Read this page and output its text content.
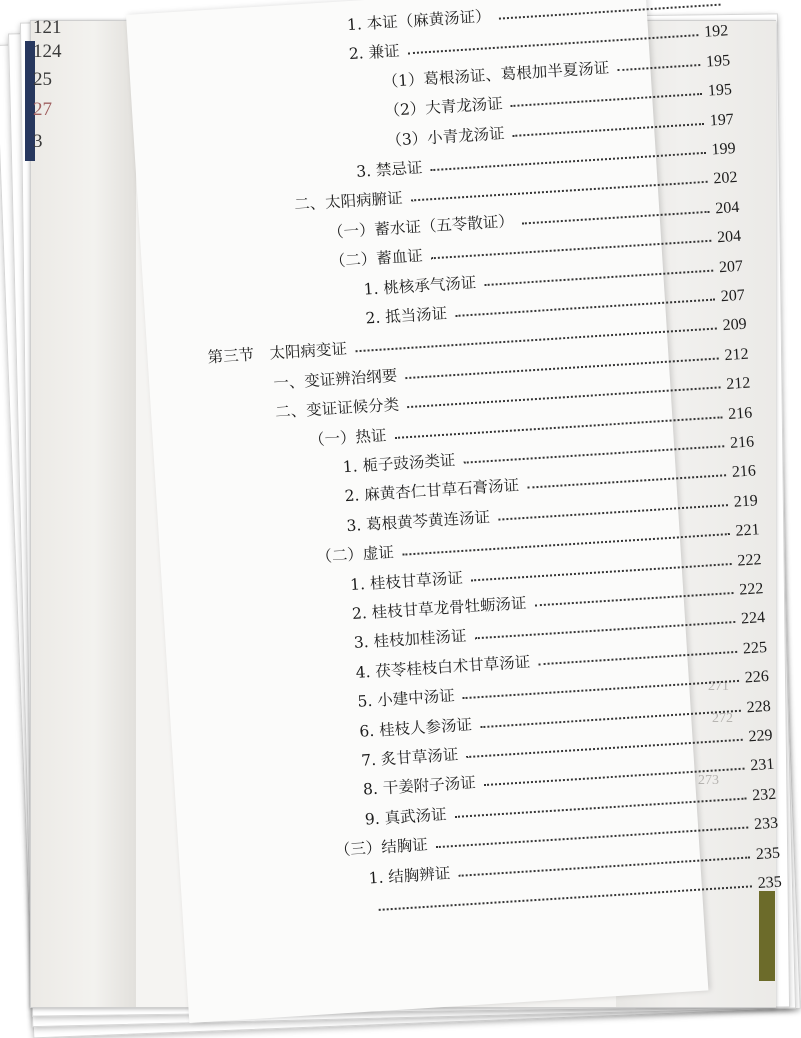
121
124
25
27
3
271
272
273
1. 本证（麻黄汤证）
2. 兼证
192
（1）葛根汤证、葛根加半夏汤证	195
（2）大青龙汤证
195
（3）小青龙汤证
197
3. 禁忌证
199
二、太阳病腑证
202
（一）蓄水证（五苓散证）
204
（二）蓄血证
204
1. 桃核承气汤证
207
2. 抵当汤证
207
第三节　太阳病变证
209
一、变证辨治纲要
212
二、变证证候分类
212
（一）热证
216
1. 栀子豉汤类证
216
2. 麻黄杏仁甘草石膏汤证
216
3. 葛根黄芩黄连汤证
219
（二）虚证
221
1. 桂枝甘草汤证
222
2. 桂枝甘草龙骨牡蛎汤证
222
3. 桂枝加桂汤证
224
4. 茯苓桂枝白术甘草汤证
225
5. 小建中汤证
226
6. 桂枝人参汤证
228
7. 炙甘草汤证
229
8. 干姜附子汤证
231
9. 真武汤证
232
（三）结胸证
233
1. 结胸辨证
235
235
